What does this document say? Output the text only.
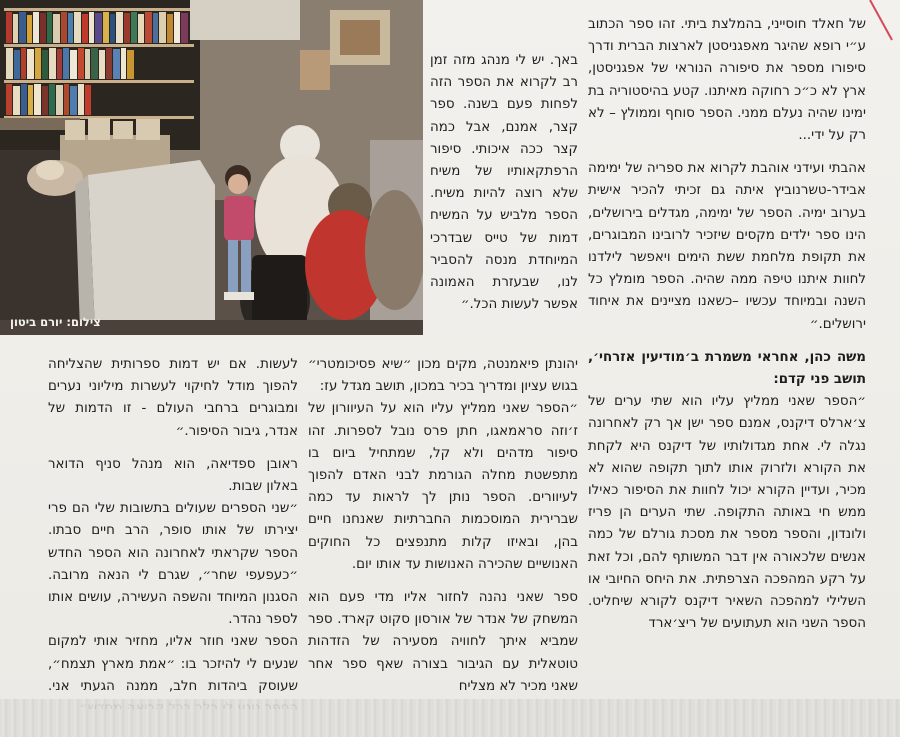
צילום: יורם ביטון

של חאלד חוסייני, בהמלצת ביתי. זהו ספר הכתוב ע״י רופא שהיגר מאפגניסטן לארצות הברית ודרך סיפורו מספר את סיפורה הנוראי של אפגניסטן, ארץ לא כ״כ רחוקה מאיתנו. קטע בהיסטוריה בת ימינו שהיה נעלם ממני. הספר סוחף וממולץ – לא רק על ידי...

אהבתי ועידני אוהבת לקרוא את ספריה של ימימה אבידר-טשרנוביץ איתה גם זכיתי להכיר אישית בערוב ימיה. הספר של ימימה, מגדלים בירושלים, הינו ספר ילדים מקסים שיזכיר לרובינו המבוגרים, את תקופת מלחמת ששת הימים ויאפשר לילדנו לחוות איתנו טיפה ממה שהיה. הספר מומלץ כל השנה ובמיוחד עכשיו –כשאנו מציינים את איחוד ירושלים.״

משה כהן, אחראי משמרת ב׳מודיעין אזרחי׳, תושב פני קדם:

״הספר שאני ממליץ עליו הוא שתי ערים של צ׳ארלס דיקנס, אמנם ספר ישן אך רק לאחרונה נגלה לי. אחת מגדולותיו של דיקנס היא לקחת את הקורא ולזרוק אותו לתוך תקופה שהוא לא מכיר, ועדיין הקורא יכול לחוות את הסיפור כאילו ממש חי באותה התקופה. שתי הערים הן פריז ולונדון, והספר מספר את מסכת גורלם של כמה אנשים שלכאורה אין דבר המשותף להם, וכל זאת על רקע המהפכה הצרפתית. את היחס החיובי או השלילי למהפכה השאיר דיקנס לקורא שיחליט. הספר השני הוא תעתועים של ריצ׳ארד

באך. יש לי מנהג מזה זמן רב לקרוא את הספר הזה לפחות פעם בשנה. ספר קצר, אמנם, אבל כמה קצר ככה איכותי. סיפור הרפתקאותיו של משיח שלא רוצה להיות משיח. הספר מלביש על המשיח דמות של טייס שבדרכי המיוחדת מנסה להסביר לנו, שבעזרת האמונה אפשר לעשות הכל.״

יהונתן פיאמנטה, מקים מכון ״שיא פסיכומטרי״ בגוש עציון ומדריך בכיר במכון, תושב מגדל עז:

״הספר שאני ממליץ עליו הוא על העיוורון של ז׳וזה סראמאגו, חתן פרס נובל לספרות. זהו סיפור מדהים ולא קל, שמתחיל ביום בו מתפשטת מחלה הגורמת לבני האדם להפוך לעיוורים. הספר נותן לך לראות עד כמה שברירית המוסכמות החברתיות שאנחנו חיים בהן, ובאיזו קלות מתנפצים כל החוקים האנושיים שהכירה האנושות עד אותו יום.

ספר שאני נהנה לחזור אליו מדי פעם הוא המשחק של אנדר של אורסון סקוט קארד. ספר שמביא איתך לחוויה מסעירה של הזדהות טוטאלית עם הגיבור בצורה שאף ספר אחר שאני מכיר לא מצליח

לעשות. אם יש דמות ספרותית שהצליחה להפוך מודל לחיקוי לעשרות מיליוני נערים ומבוגרים ברחבי העולם - זו הדמות של אנדר, גיבור הסיפור.״

ראובן ספדיאה, הוא מנהל סניף הדואר באלון שבות.

״שני הספרים שעולים בתשובות שלי הם פרי יצירתו של אותו סופר, הרב חיים סבתו. הספר שקראתי לאחרונה הוא הספר החדש ״כעפעפי שחר״, שגרם לי הנאה מרובה. הסגנון המיוחד והשפה העשירה, עושים אותו לספר נהדר.

הספר שאני חוזר אליו, מחזיר אותי למקום שנעים לי להיזכר בו: ״אמת מארץ תצמח״, שעוסק ביהדות חלב, ממנה הגעתי אני.
